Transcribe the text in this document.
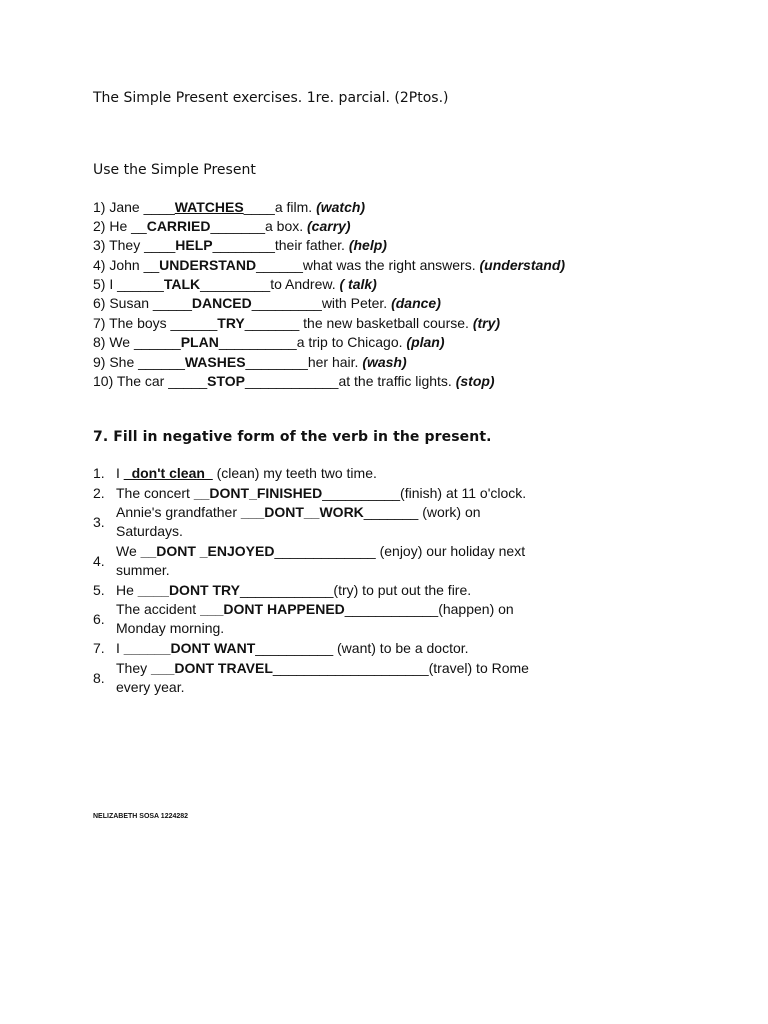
The Simple Present exercises. 1re. parcial. (2Ptos.)
Use the Simple Present
1) Jane ____WATCHES____a film. (watch)
2) He __CARRIED_______a box. (carry)
3) They ____HELP________their father. (help)
4) John __UNDERSTAND______what was the right answers. (understand)
5) I ______TALK_________to Andrew. ( talk)
6) Susan _____DANCED_________with Peter. (dance)
7) The boys ______TRY_______ the new basketball course. (try)
8) We ______PLAN__________a trip to Chicago. (plan)
9) She ______WASHES________her hair. (wash)
10) The car _____STOP____________at the traffic lights. (stop)
7. Fill in negative form of the verb in the present.
1. I _don't clean_ (clean) my teeth two time.
2. The concert __DONT_FINISHED__________(finish) at 11 o'clock.
3.
Annie's grandfather ___DONT__WORK_______ (work) on
Saturdays.
4.
We __DONT _ENJOYED_____________ (enjoy) our holiday next
summer.
5. He ____DONT TRY____________(try) to put out the fire.
6.
The accident ___DONT HAPPENED____________(happen) on
Monday morning.
7. I ______DONT WANT__________ (want) to be a doctor.
8.
They ___DONT TRAVEL____________________(travel) to Rome
every year.
NELIZABETH SOSA 1224282
